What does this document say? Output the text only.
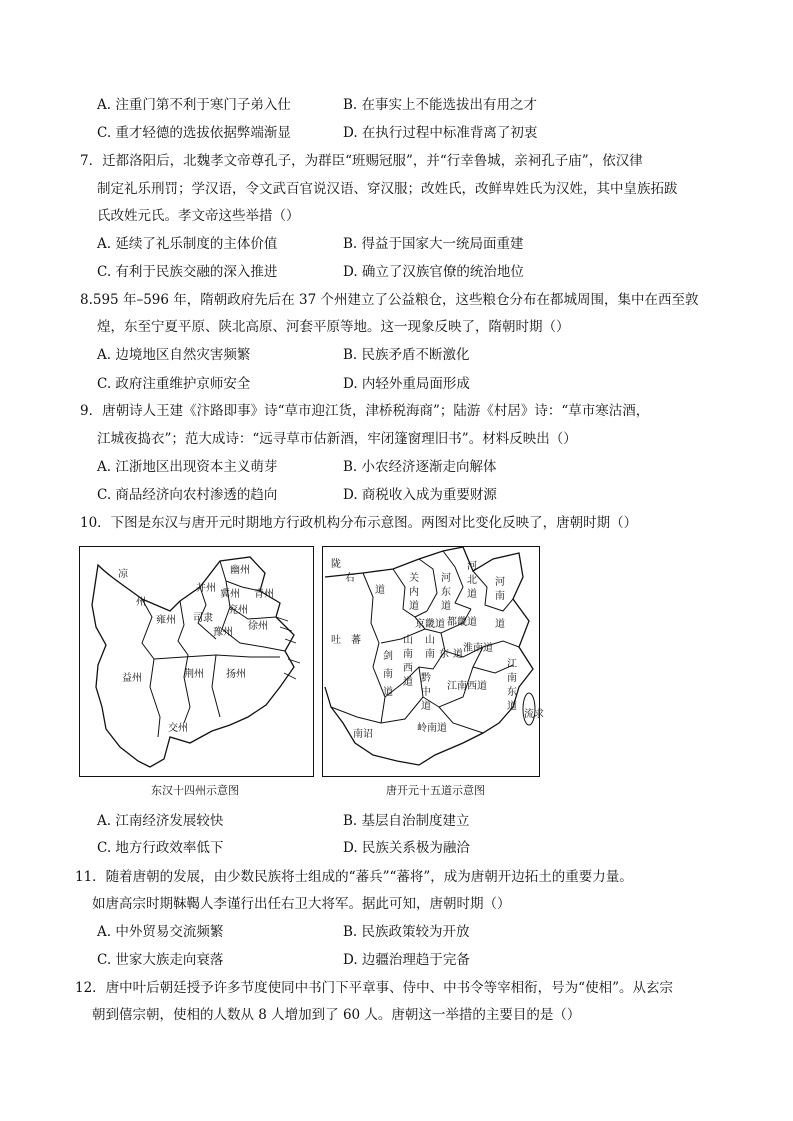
A. 注重门第不利于寒门子弟入仕	B. 在事实上不能选拔出有用之才
C. 重才轻德的选拔依据弊端渐显	D. 在执行过程中标准背离了初衷
7．迁都洛阳后，北魏孝文帝尊孔子，为群臣“班赐冠服”，并“行幸鲁城，亲祠孔子庙”，依汉律
制定礼乐刑罚；学汉语，令文武百官说汉语、穿汉服；改姓氏，改鲜卑姓氏为汉姓，其中皇族拓跋
氏改姓元氏。孝文帝这些举措（）
A. 延续了礼乐制度的主体价值	B. 得益于国家大一统局面重建
C. 有利于民族交融的深入推进	D. 确立了汉族官僚的统治地位
8.595 年–596 年，隋朝政府先后在 37 个州建立了公益粮仓，这些粮仓分布在都城周围，集中在西至敦
煌，东至宁夏平原、陕北高原、河套平原等地。这一现象反映了，隋朝时期（）
A. 边境地区自然灾害频繁	B. 民族矛盾不断激化
C. 政府注重维护京师安全	D. 内轻外重局面形成
9．唐朝诗人王建《汴路即事》诗“草市迎江货，津桥税海商”；陆游《村居》诗：“草市寒沽酒，
江城夜捣衣”；范大成诗：“远寻草市估新酒，牢闭篷窗理旧书”。材料反映出（）
A. 江浙地区出现资本主义萌芽	B. 小农经济逐渐走向解体
C. 商品经济向农村渗透的趋向	D. 商税收入成为重要财源
10．下图是东汉与唐开元时期地方行政机构分布示意图。两图对比变化反映了，唐朝时期（）
凉
州
幽州
并州
冀州 青州
兖州
司隶
雍州
豫州
徐州
益州	荆州 扬州
交州
东汉十四州示意图
陇
右
道
关
内
道
河
北
道
河
东
道
河
南
道
吐 蕃
京畿道 都畿道
山
南
西
道
山
南 东 道
淮南道
剑
南
道
黔
中
道
江南西道
江
南
东
道
南诏
岭南道
流求
唐开元十五道示意图
A. 江南经济发展较快	B. 基层自治制度建立
C. 地方行政效率低下	D. 民族关系极为融洽
11．随着唐朝的发展，由少数民族将士组成的“蕃兵”“蕃将”，成为唐朝开边拓土的重要力量。
如唐高宗时期靺鞨人李谨行出任右卫大将军。据此可知，唐朝时期（）
A. 中外贸易交流频繁	B. 民族政策较为开放
C. 世家大族走向衰落	D. 边疆治理趋于完备
12．唐中叶后朝廷授予许多节度使同中书门下平章事、侍中、中书令等宰相衔，号为“使相”。从玄宗
朝到僖宗朝，使相的人数从 8 人增加到了 60 人。唐朝这一举措的主要目的是（）
